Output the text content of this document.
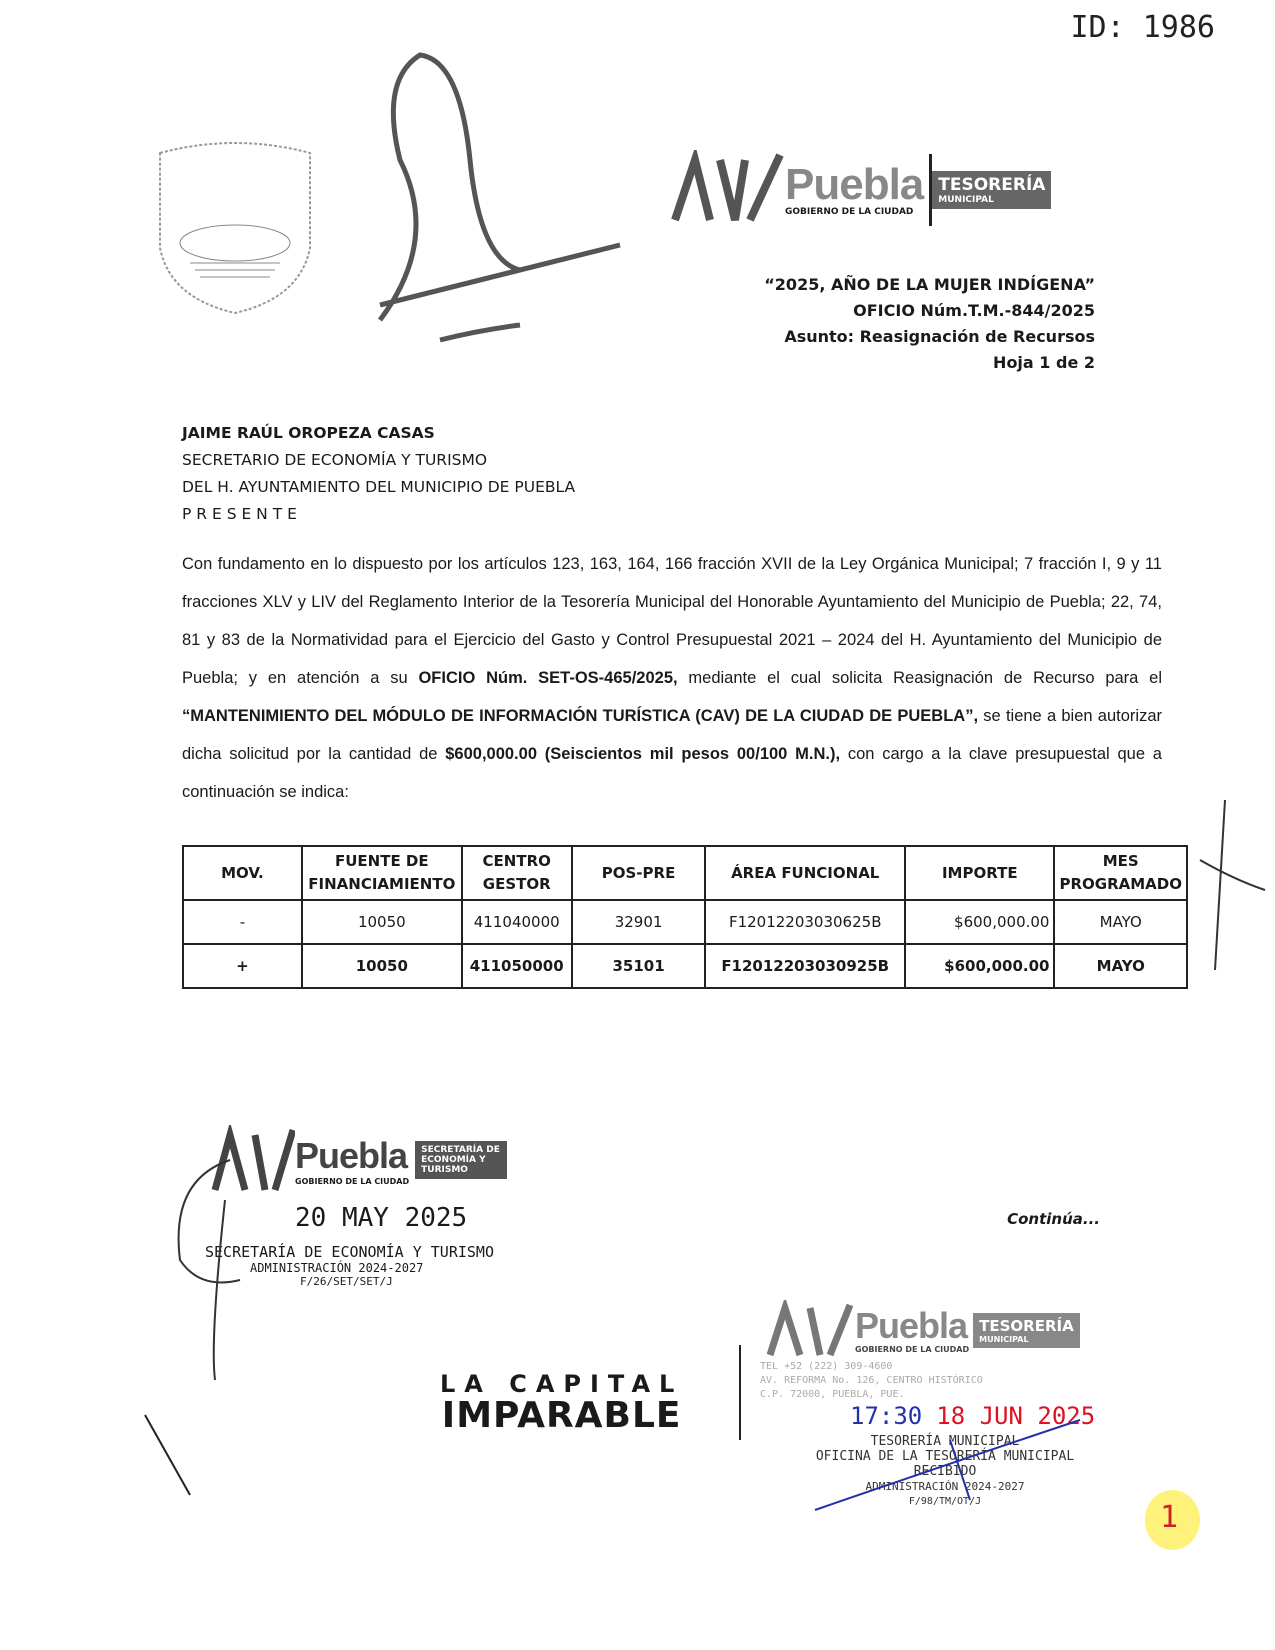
ID: 1986
Puebla
GOBIERNO DE LA CIUDAD
TESORERÍA
MUNICIPAL
“2025, AÑO DE LA MUJER INDÍGENA”
OFICIO Núm.T.M.-844/2025
Asunto: Reasignación de Recursos
Hoja 1 de 2
JAIME RAÚL OROPEZA CASAS
SECRETARIO DE ECONOMÍA Y TURISMO
DEL H. AYUNTAMIENTO DEL MUNICIPIO DE PUEBLA
P R E S E N T E
Con fundamento en lo dispuesto por los artículos 123, 163, 164, 166 fracción XVII de la Ley Orgánica Municipal; 7 fracción I, 9 y 11 fracciones XLV y LIV del Reglamento Interior de la Tesorería Municipal del Honorable Ayuntamiento del Municipio de Puebla; 22, 74, 81 y 83 de la Normatividad para el Ejercicio del Gasto y Control Presupuestal 2021 – 2024 del H. Ayuntamiento del Municipio de Puebla; y en atención a su OFICIO Núm. SET-OS-465/2025, mediante el cual solicita Reasignación de Recurso para el “MANTENIMIENTO DEL MÓDULO DE INFORMACIÓN TURÍSTICA (CAV) DE LA CIUDAD DE PUEBLA”, se tiene a bien autorizar dicha solicitud por la cantidad de $600,000.00 (Seiscientos mil pesos 00/100 M.N.), con cargo a la clave presupuestal que a continuación se indica:
MOV.	FUENTE DE FINANCIAMIENTO	CENTRO GESTOR	POS-PRE	ÁREA FUNCIONAL	IMPORTE	MES PROGRAMADO
-	10050	411040000	32901	F12012203030625B	$600,000.00	MAYO
+	10050	411050000	35101	F12012203030925B	$600,000.00	MAYO
Puebla
GOBIERNO DE LA CIUDAD
SECRETARÍA DE ECONOMÍA Y TURISMO
20 MAY 2025
SECRETARÍA DE ECONOMÍA Y TURISMO
ADMINISTRACIÓN 2024-2027
F/26/SET/SET/J
Continúa...
LA CAPITAL
IMPARABLE
Puebla
GOBIERNO DE LA CIUDAD
TESORERÍA
MUNICIPAL
TEL +52 (222) 309-4600
AV. REFORMA No. 126, CENTRO HISTÓRICO
C.P. 72000, PUEBLA, PUE.
17:30 18 JUN 2025
TESORERÍA MUNICIPAL
OFICINA DE LA TESORERÍA MUNICIPAL
RECIBIDO
ADMINISTRACIÓN 2024-2027
F/98/TM/OT/J	1
